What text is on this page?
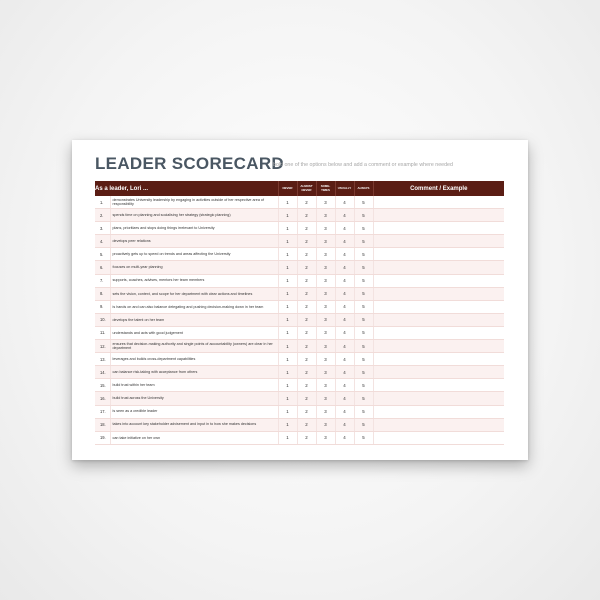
LEADER SCORECARD
bold one of the options below and add a comment or example where needed
As a leader, Lori ...		NEVER	ALMOST NEVER	SOME-TIMES	USUALLY	ALWAYS	Comment / Example
1.	demonstrates University leadership by engaging in activities outside of her respective area of responsibility	1	2	3	4	5	
2.	spends time on planning and socialising her strategy (strategic planning)	1	2	3	4	5	
3.	plans, prioritizes and stops doing things irrelevant to University	1	2	3	4	5	
4.	develops peer relations	1	2	3	4	5	
5.	proactively gets up to speed on trends and areas affecting the University	1	2	3	4	5	
6.	focuses on multi-year planning	1	2	3	4	5	
7.	supports, coaches, advises, mentors her team members	1	2	3	4	5	
8.	sets the vision, context, and scope for her department with clear actions and timelines	1	2	3	4	5	
9.	is hands on and can also balance delegating and pushing decision-making down in her team	1	2	3	4	5	
10.	develops the talent on her team	1	2	3	4	5	
11.	understands and acts with good judgement	1	2	3	4	5	
12.	ensures that decision-making authority and single points of accountability (owners) are clear in her department	1	2	3	4	5	
13.	leverages and builds cross-department capabilities	1	2	3	4	5	
14.	can balance risk-taking with acceptance from others	1	2	3	4	5	
15.	build trust within her team	1	2	3	4	5	
16.	build trust across the University	1	2	3	4	5	
17.	is seen as a credible leader	1	2	3	4	5	
18.	takes into account key stakeholder advisement and input in to how she makes decisions	1	2	3	4	5	
19.	can take initiative on her own	1	2	3	4	5	
